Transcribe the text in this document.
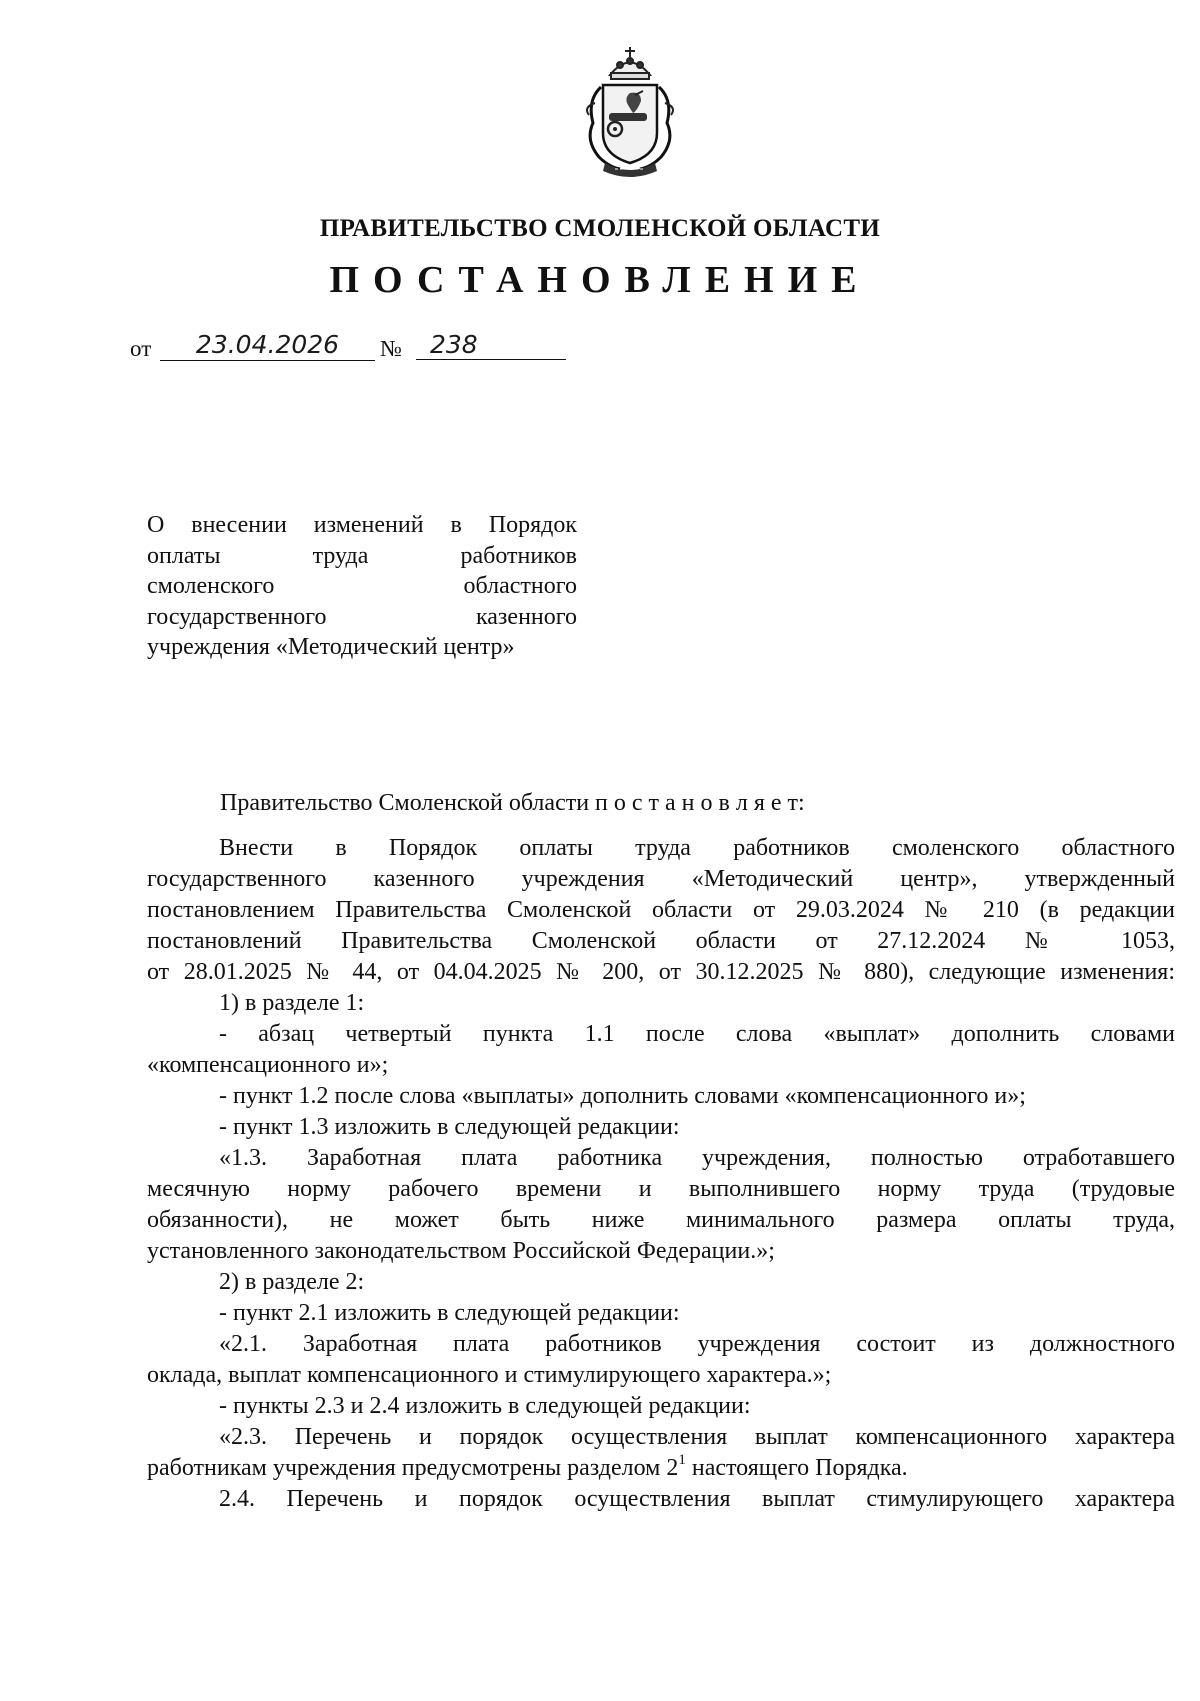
ПРАВИТЕЛЬСТВО СМОЛЕНСКОЙ ОБЛАСТИ
ПОСТАНОВЛЕНИЕ
от	23.04.2026	№	238
О внесении изменений в Порядок
оплаты труда работников
смоленского областного
государственного казенного
учреждения «Методический центр»
Правительство Смоленской области п о с т а н о в л я е т:
Внести в Порядок оплаты труда работников смоленского областного
государственного казенного учреждения «Методический центр», утвержденный
постановлением Правительства Смоленской области от 29.03.2024 № 210 (в редакции
постановлений Правительства Смоленской области от 27.12.2024 № 1053,
от 28.01.2025 № 44, от 04.04.2025 № 200, от 30.12.2025 № 880), следующие изменения:
1) в разделе 1:
- абзац четвертый пункта 1.1 после слова «выплат» дополнить словами
«компенсационного и»;
- пункт 1.2 после слова «выплаты» дополнить словами «компенсационного и»;
- пункт 1.3 изложить в следующей редакции:
«1.3. Заработная плата работника учреждения, полностью отработавшего
месячную норму рабочего времени и выполнившего норму труда (трудовые
обязанности), не может быть ниже минимального размера оплаты труда,
установленного законодательством Российской Федерации.»;
2) в разделе 2:
- пункт 2.1 изложить в следующей редакции:
«2.1. Заработная плата работников учреждения состоит из должностного
оклада, выплат компенсационного и стимулирующего характера.»;
- пункты 2.3 и 2.4 изложить в следующей редакции:
«2.3. Перечень и порядок осуществления выплат компенсационного характера
работникам учреждения предусмотрены разделом $2^1$ настоящего Порядка.
2.4. Перечень и порядок осуществления выплат стимулирующего характера
